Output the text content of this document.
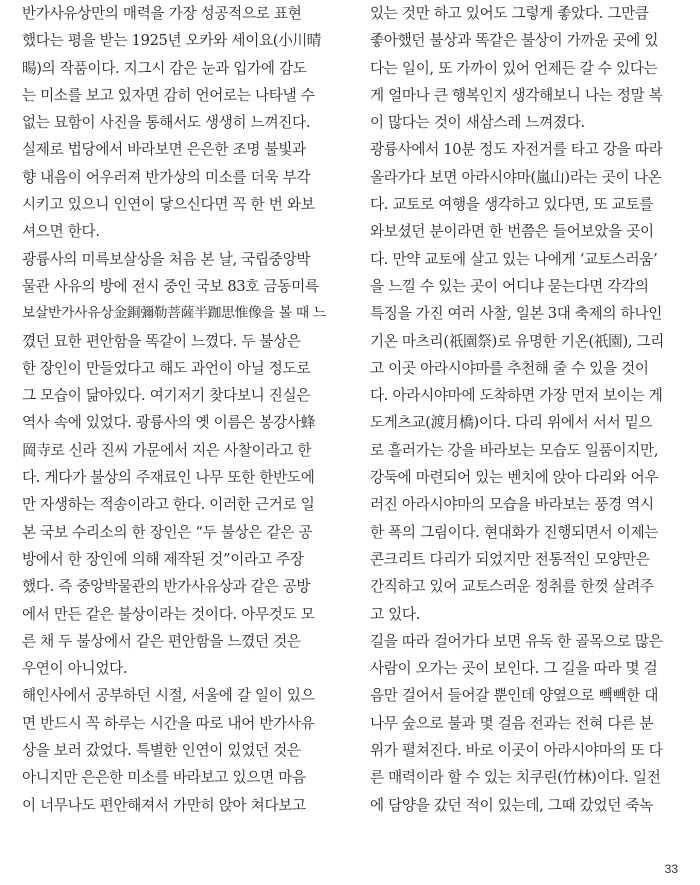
반가사유상만의 매력을 가장 성공적으로 표현
했다는 평을 받는 1925년 오카와 세이요(小川晴
暘)의 작품이다. 지그시 감은 눈과 입가에 감도
는 미소를 보고 있자면 감히 언어로는 나타낼 수
없는 묘함이 사진을 통해서도 생생히 느껴진다.
실제로 법당에서 바라보면 은은한 조명 불빛과
향 내음이 어우러져 반가상의 미소를 더욱 부각
시키고 있으니 인연이 닿으신다면 꼭 한 번 와보
셔으면 한다.
광륭사의 미륵보살상을 처음 본 날, 국립중앙박
물관 사유의 방에 전시 중인 국보 83호 금동미륵
보살반가사유상金銅彌勒菩薩半跏思惟像을 볼 때 느
꼈던 묘한 편안함을 똑같이 느꼈다. 두 불상은
한 장인이 만들었다고 해도 과언이 아닐 정도로
그 모습이 닮아있다. 여기저기 찾다보니 진실은
역사 속에 있었다. 광륭사의 옛 이름은 봉강사蜂
岡寺로 신라 진씨 가문에서 지은 사찰이라고 한
다. 게다가 불상의 주재료인 나무 또한 한반도에
만 자생하는 적송이라고 한다. 이러한 근거로 일
본 국보 수리소의 한 장인은 “두 불상은 같은 공
방에서 한 장인에 의해 제작된 것”이라고 주장
했다. 즉 중앙박물관의 반가사유상과 같은 공방
에서 만든 같은 불상이라는 것이다. 아무것도 모
른 채 두 불상에서 같은 편안함을 느꼈던 것은
우연이 아니었다.
해인사에서 공부하던 시절, 서울에 갈 일이 있으
면 반드시 꼭 하루는 시간을 따로 내어 반가사유
상을 보러 갔었다. 특별한 인연이 있었던 것은
아니지만 은은한 미소를 바라보고 있으면 마음
이 너무나도 편안해져서 가만히 앉아 쳐다보고
있는 것만 하고 있어도 그렇게 좋았다. 그만큼
좋아했던 불상과 똑같은 불상이 가까운 곳에 있
다는 일이, 또 가까이 있어 언제든 갈 수 있다는
게 얼마나 큰 행복인지 생각해보니 나는 정말 복
이 많다는 것이 새삼스레 느껴졌다.
광륭사에서 10분 정도 자전거를 타고 강을 따라
올라가다 보면 아라시야마(嵐山)라는 곳이 나온
다. 교토로 여행을 생각하고 있다면, 또 교토를
와보셨던 분이라면 한 번쯤은 들어보았을 곳이
다. 만약 교토에 살고 있는 나에게 ‘교토스러움’
을 느낄 수 있는 곳이 어디냐 묻는다면 각각의
특징을 가진 여러 사찰, 일본 3대 축제의 하나인
기온 마츠리(祇園祭)로 유명한 기온(祇園), 그리
고 이곳 아라시야마를 추천해 줄 수 있을 것이
다. 아라시야마에 도착하면 가장 먼저 보이는 게
도게츠교(渡月橋)이다. 다리 위에서 서서 밑으
로 흘러가는 강을 바라보는 모습도 일품이지만,
강둑에 마련되어 있는 벤치에 앉아 다리와 어우
러진 아라시야마의 모습을 바라보는 풍경 역시
한 폭의 그림이다. 현대화가 진행되면서 이제는
콘크리트 다리가 되었지만 전통적인 모양만은
간직하고 있어 교토스러운 정취를 한껏 살려주
고 있다.
길을 따라 걸어가다 보면 유독 한 골목으로 많은
사람이 오가는 곳이 보인다. 그 길을 따라 몇 걸
음만 걸어서 들어갈 뿐인데 양옆으로 빽빽한 대
나무 숲으로 불과 몇 걸음 전과는 전혀 다른 분
위가 펼쳐진다. 바로 이곳이 아라시야마의 또 다
른 매력이라 할 수 있는 치쿠린(竹林)이다. 일전
에 담양을 갔던 적이 있는데, 그때 갔었던 죽녹
33
